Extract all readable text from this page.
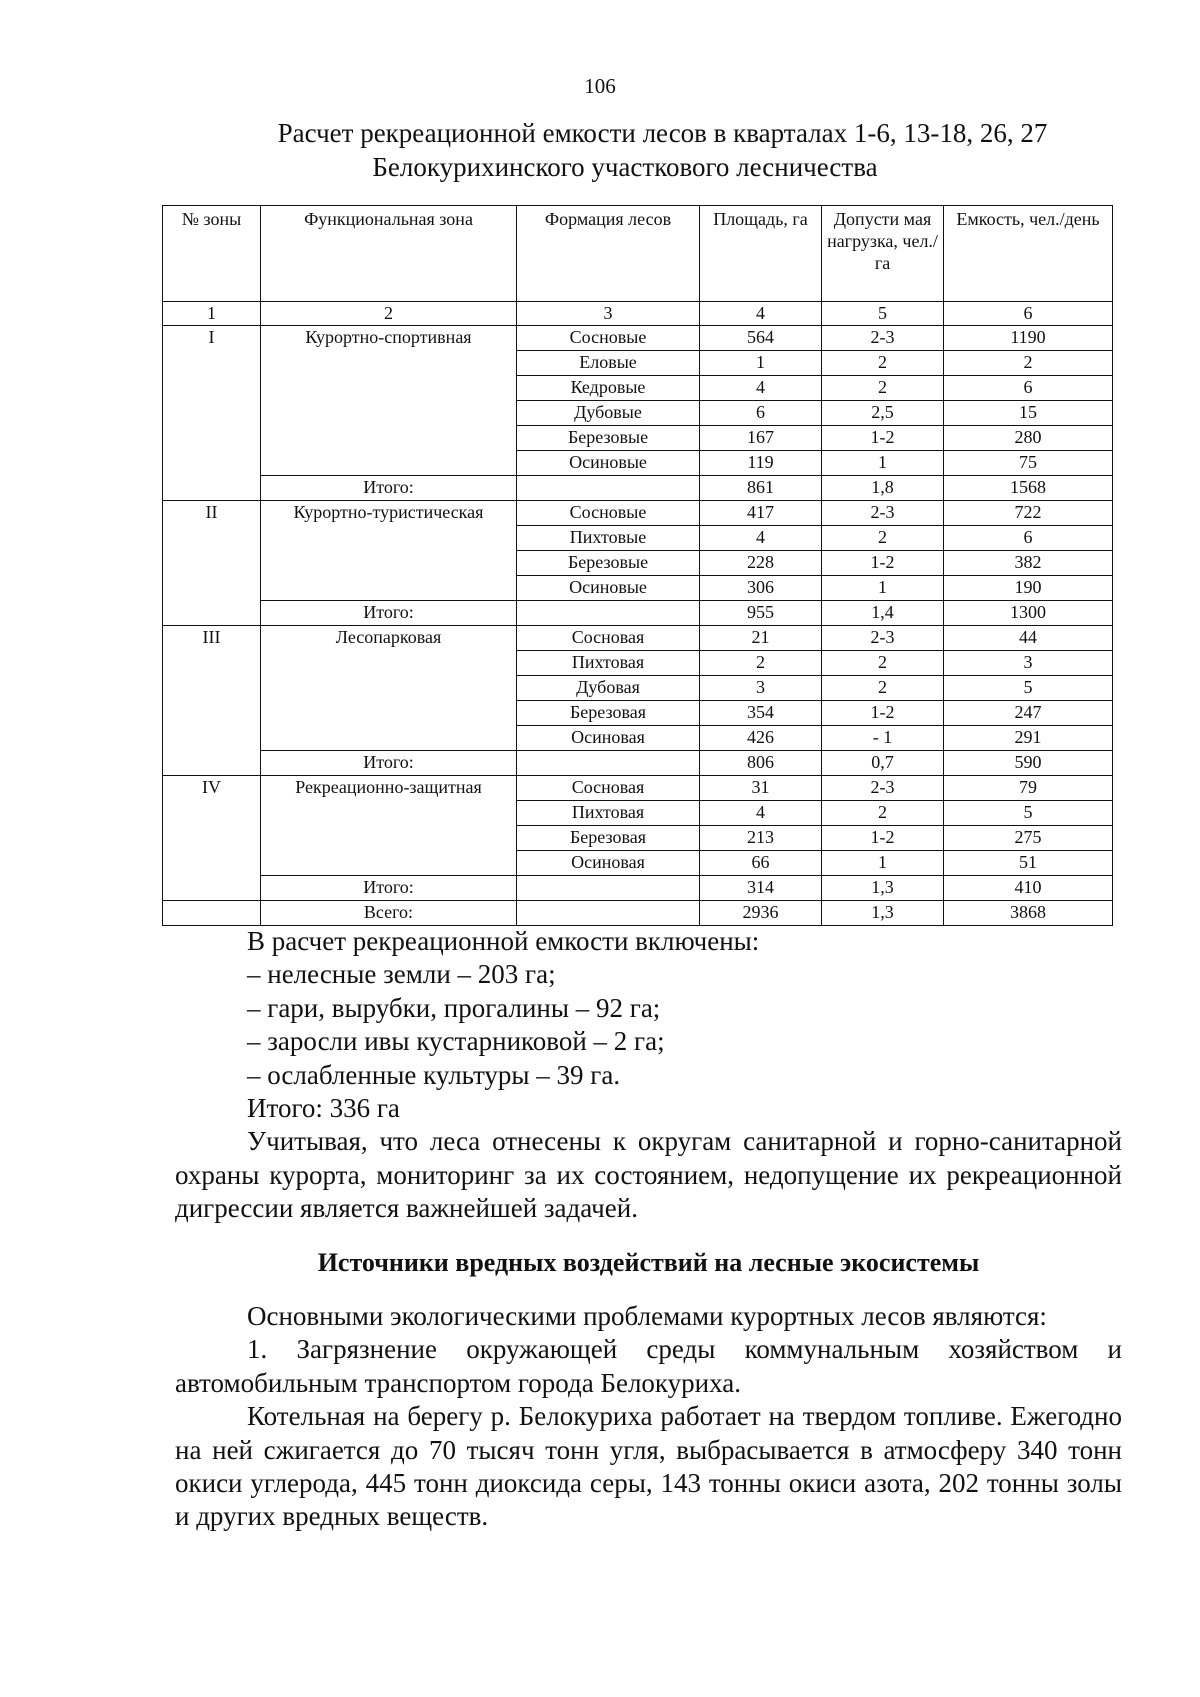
106
Расчет рекреационной емкости лесов в кварталах 1-6, 13-18, 26, 27
Белокурихинского участкового лесничества
№ зоны	Функциональная зона	Формация лесов	Площадь, га	Допусти мая нагрузка, чел./га	Емкость, чел./день
1	2	3	4	5	6
I	Курортно-спортивная	Сосновые	564	2-3	1190
		Еловые	1	2	2
		Кедровые	4	2	6
		Дубовые	6	2,5	15
		Березовые	167	1-2	280
		Осиновые	119	1	75
	Итого:		861	1,8	1568
II	Курортно-туристическая	Сосновые	417	2-3	722
		Пихтовые	4	2	6
		Березовые	228	1-2	382
		Осиновые	306	1	190
	Итого:		955	1,4	1300
III	Лесопарковая	Сосновая	21	2-3	44
		Пихтовая	2	2	3
		Дубовая	3	2	5
		Березовая	354	1-2	247
		Осиновая	426	- 1	291
	Итого:		806	0,7	590
IV	Рекреационно-защитная	Сосновая	31	2-3	79
		Пихтовая	4	2	5
		Березовая	213	1-2	275
		Осиновая	66	1	51
	Итого:		314	1,3	410
	Всего:		2936	1,3	3868

В расчет рекреационной емкости включены:

– нелесные земли – 203 га;

– гари, вырубки, прогалины – 92 га;

– заросли ивы кустарниковой – 2 га;

– ослабленные культуры – 39 га.

Итого: 336 га

Учитывая, что леса отнесены к округам санитарной и горно-санитарной охраны курорта, мониторинг за их состоянием, недопущение их рекреационной дигрессии является важнейшей задачей.

Источники вредных воздействий на лесные экосистемы

Основными экологическими проблемами курортных лесов являются:

1. Загрязнение окружающей среды коммунальным хозяйством и автомобильным транспортом города Белокуриха.

Котельная на берегу р. Белокуриха работает на твердом топливе. Ежегодно на ней сжигается до 70 тысяч тонн угля, выбрасывается в атмосферу 340 тонн окиси углерода, 445 тонн диоксида серы, 143 тонны окиси азота, 202 тонны золы и других вредных веществ.
